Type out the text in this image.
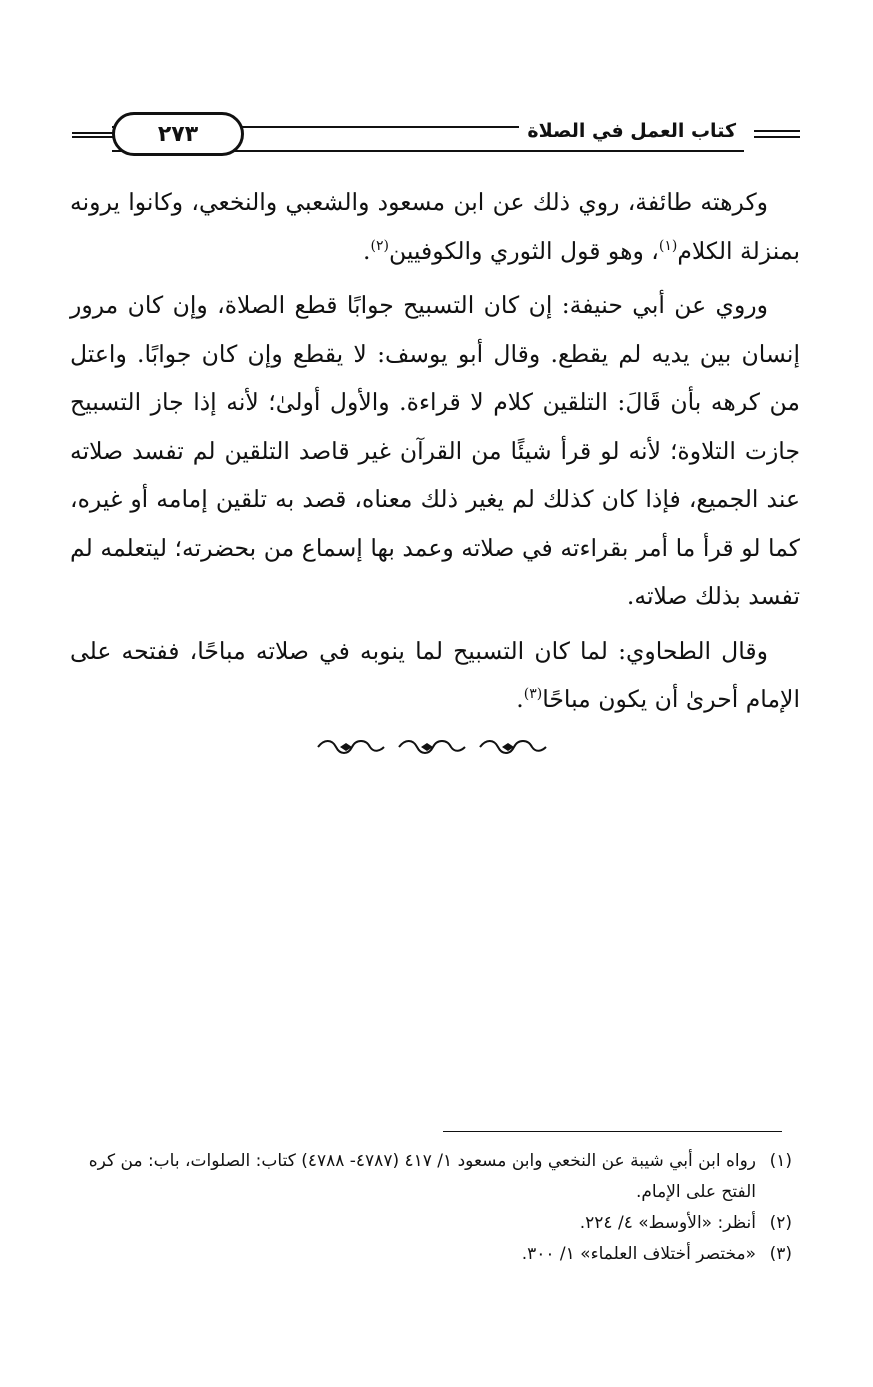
٢٧٣	كتاب العمل في الصلاة

وكرهته طائفة، روي ذلك عن ابن مسعود والشعبي والنخعي، وكانوا يرونه بمنزلة الكلام$^{(١)}$، وهو قول الثوري والكوفيين$^{(٢)}$.

وروي عن أبي حنيفة: إن كان التسبيح جوابًا قطع الصلاة، وإن كان مرور إنسان بين يديه لم يقطع. وقال أبو يوسف: لا يقطع وإن كان جوابًا. واعتل من كرهه بأن قَالَ: التلقين كلام لا قراءة. والأول أولىٰ؛ لأنه إذا جاز التسبيح جازت التلاوة؛ لأنه لو قرأ شيئًا من القرآن غير قاصد التلقين لم تفسد صلاته عند الجميع، فإذا كان كذلك لم يغير ذلك معناه، قصد به تلقين إمامه أو غيره، كما لو قرأ ما أمر بقراءته في صلاته وعمد بها إسماع من بحضرته؛ ليتعلمه لم تفسد بذلك صلاته.

وقال الطحاوي: لما كان التسبيح لما ينوبه في صلاته مباحًا، ففتحه على الإمام أحرىٰ أن يكون مباحًا$^{(٣)}$.

(١)
رواه ابن أبي شيبة عن النخعي وابن مسعود ١/ ٤١٧ (٤٧٨٧- ٤٧٨٨) كتاب: الصلوات، باب: من كره الفتح على الإمام.
(٢)
أنظر: «الأوسط» ٤/ ٢٢٤.
(٣)
«مختصر أختلاف العلماء» ١/ ٣٠٠.
